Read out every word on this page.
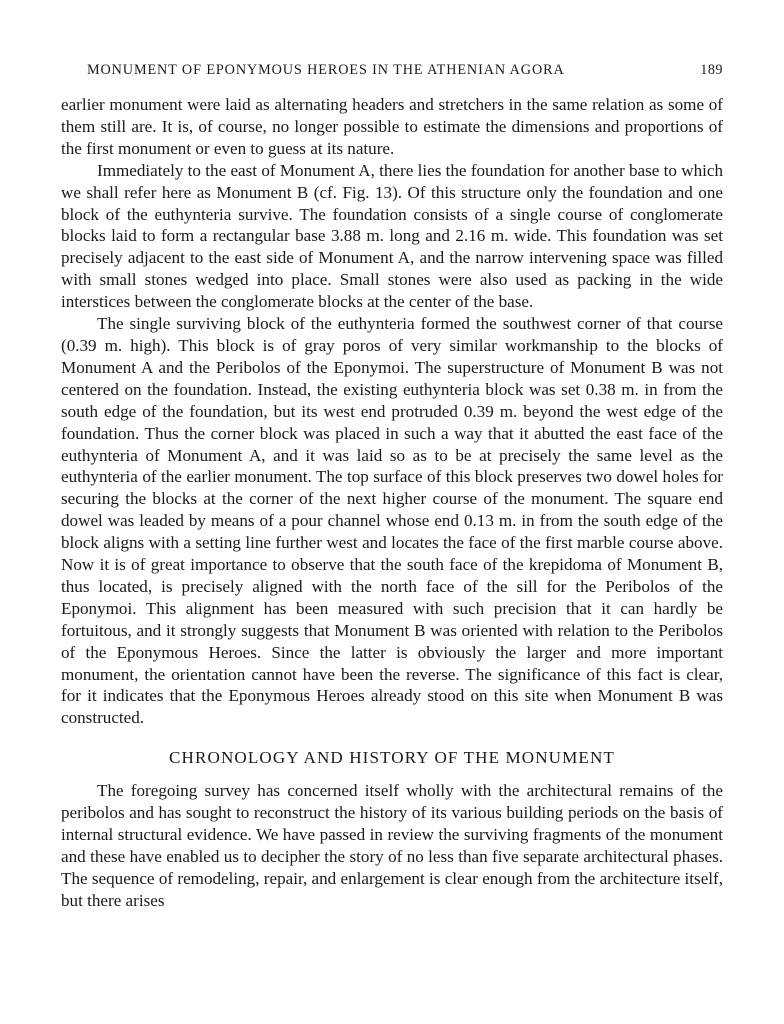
MONUMENT OF EPONYMOUS HEROES IN THE ATHENIAN AGORA	189

earlier monument were laid as alternating headers and stretchers in the same relation as some of them still are. It is, of course, no longer possible to estimate the dimensions and proportions of the first monument or even to guess at its nature.

Immediately to the east of Monument A, there lies the foundation for another base to which we shall refer here as Monument B (cf. Fig. 13). Of this structure only the foundation and one block of the euthynteria survive. The foundation consists of a single course of conglomerate blocks laid to form a rectangular base 3.88 m. long and 2.16 m. wide. This foundation was set precisely adjacent to the east side of Monument A, and the narrow intervening space was filled with small stones wedged into place. Small stones were also used as packing in the wide interstices between the conglomerate blocks at the center of the base.

The single surviving block of the euthynteria formed the southwest corner of that course (0.39 m. high). This block is of gray poros of very similar workmanship to the blocks of Monument A and the Peribolos of the Eponymoi. The superstructure of Monument B was not centered on the foundation. Instead, the existing euthynteria block was set 0.38 m. in from the south edge of the foundation, but its west end protruded 0.39 m. beyond the west edge of the foundation. Thus the corner block was placed in such a way that it abutted the east face of the euthynteria of Monument A, and it was laid so as to be at precisely the same level as the euthynteria of the earlier monument. The top surface of this block preserves two dowel holes for securing the blocks at the corner of the next higher course of the monument. The square end dowel was leaded by means of a pour channel whose end 0.13 m. in from the south edge of the block aligns with a setting line further west and locates the face of the first marble course above. Now it is of great importance to observe that the south face of the krepidoma of Monument B, thus located, is precisely aligned with the north face of the sill for the Peribolos of the Eponymoi. This alignment has been measured with such precision that it can hardly be fortuitous, and it strongly suggests that Monument B was oriented with relation to the Peribolos of the Eponymous Heroes. Since the latter is obviously the larger and more important monument, the orientation cannot have been the reverse. The significance of this fact is clear, for it indicates that the Eponymous Heroes already stood on this site when Monument B was constructed.

CHRONOLOGY AND HISTORY OF THE MONUMENT

The foregoing survey has concerned itself wholly with the architectural remains of the peribolos and has sought to reconstruct the history of its various building periods on the basis of internal structural evidence. We have passed in review the surviving fragments of the monument and these have enabled us to decipher the story of no less than five separate architectural phases. The sequence of remodeling, repair, and enlargement is clear enough from the architecture itself, but there arises
